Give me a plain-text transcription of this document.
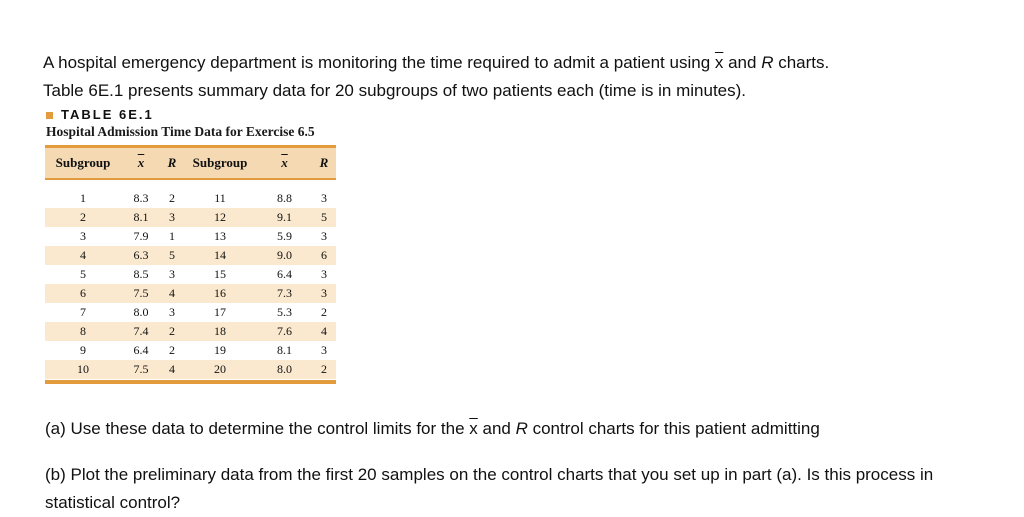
A hospital emergency department is monitoring the time required to admit a patient using $\overline{x}$ and R charts.

Table 6E.1 presents summary data for 20 subgroups of two patients each (time is in minutes).

TABLE 6E.1
Hospital Admission Time Data for Exercise 6.5
Subgroup	$\overline{x}$	R	Subgroup	$\overline{x}$	R
1	8.3	2	11	8.8	3
2	8.1	3	12	9.1	5
3	7.9	1	13	5.9	3
4	6.3	5	14	9.0	6
5	8.5	3	15	6.4	3
6	7.5	4	16	7.3	3
7	8.0	3	17	5.3	2
8	7.4	2	18	7.6	4
9	6.4	2	19	8.1	3
10	7.5	4	20	8.0	2
(a) Use these data to determine the control limits for the $\overline{x}$ and R control charts for this patient admitting
(b) Plot the preliminary data from the first 20 samples on the control charts that you set up in part (a). Is this process in statistical control?
